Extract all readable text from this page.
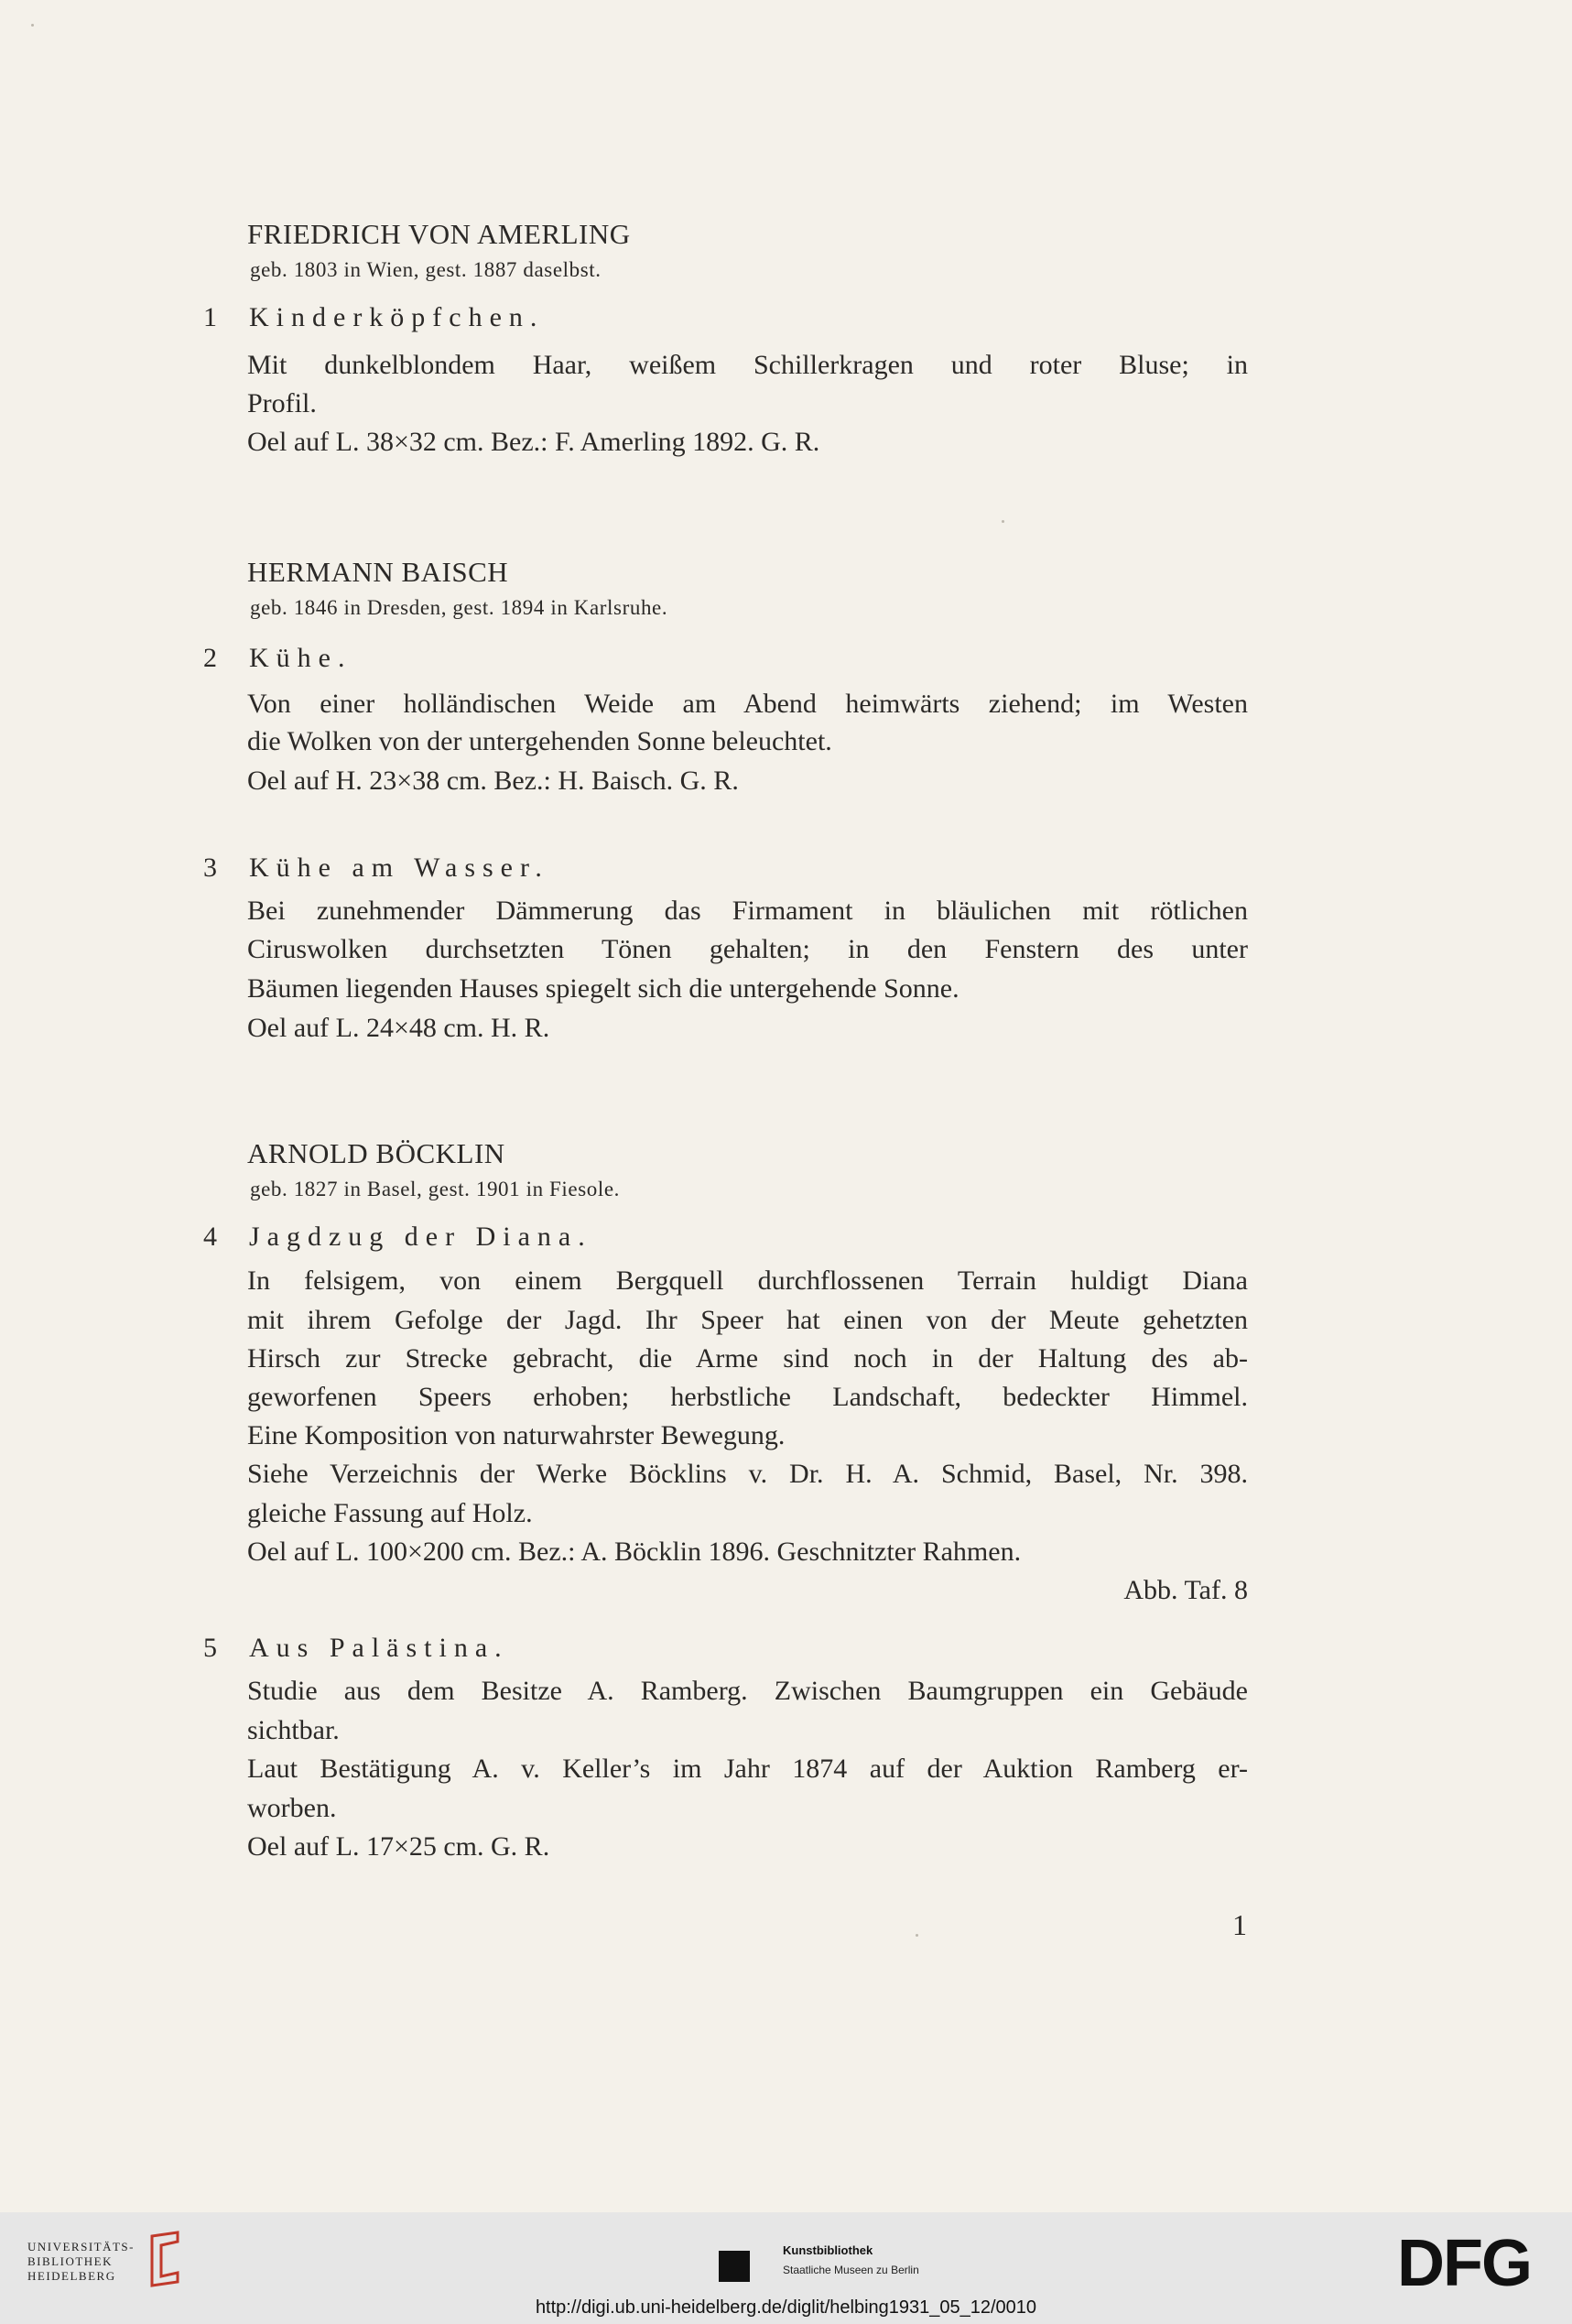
FRIEDRICH VON AMERLING
geb. 1803 in Wien, gest. 1887 daselbst.
1 Kinderköpfchen.
Mit dunkelblondem Haar, weißem Schillerkragen und roter Bluse; in
Profil.
Oel auf L. 38×32 cm. Bez.: F. Amerling 1892. G. R.
HERMANN BAISCH
geb. 1846 in Dresden, gest. 1894 in Karlsruhe.
2 Kühe.
Von einer holländischen Weide am Abend heimwärts ziehend; im Westen
die Wolken von der untergehenden Sonne beleuchtet.
Oel auf H. 23×38 cm. Bez.: H. Baisch. G. R.
3 Kühe am Wasser.
Bei zunehmender Dämmerung das Firmament in bläulichen mit rötlichen
Ciruswolken durchsetzten Tönen gehalten; in den Fenstern des unter
Bäumen liegenden Hauses spiegelt sich die untergehende Sonne.
Oel auf L. 24×48 cm. H. R.
ARNOLD BÖCKLIN
geb. 1827 in Basel, gest. 1901 in Fiesole.
4 Jagdzug der Diana.
In felsigem, von einem Bergquell durchflossenen Terrain huldigt Diana
mit ihrem Gefolge der Jagd. Ihr Speer hat einen von der Meute gehetzten
Hirsch zur Strecke gebracht, die Arme sind noch in der Haltung des ab-
geworfenen Speers erhoben; herbstliche Landschaft, bedeckter Himmel.
Eine Komposition von naturwahrster Bewegung.
Siehe Verzeichnis der Werke Böcklins v. Dr. H. A. Schmid, Basel, Nr. 398.
gleiche Fassung auf Holz.
Oel auf L. 100×200 cm. Bez.: A. Böcklin 1896. Geschnitzter Rahmen.
Abb. Taf. 8
5 Aus Palästina.
Studie aus dem Besitze A. Ramberg. Zwischen Baumgruppen ein Gebäude
sichtbar.
Laut Bestätigung A. v. Keller’s im Jahr 1874 auf der Auktion Ramberg er-
worben.
Oel auf L. 17×25 cm. G. R.
1
UNIVERSITÄTS-
BIBLIOTHEK
HEIDELBERG
Kunstbibliothek
Staatliche Museen zu Berlin	DFG
http://digi.ub.uni-heidelberg.de/diglit/helbing1931_05_12/0010
